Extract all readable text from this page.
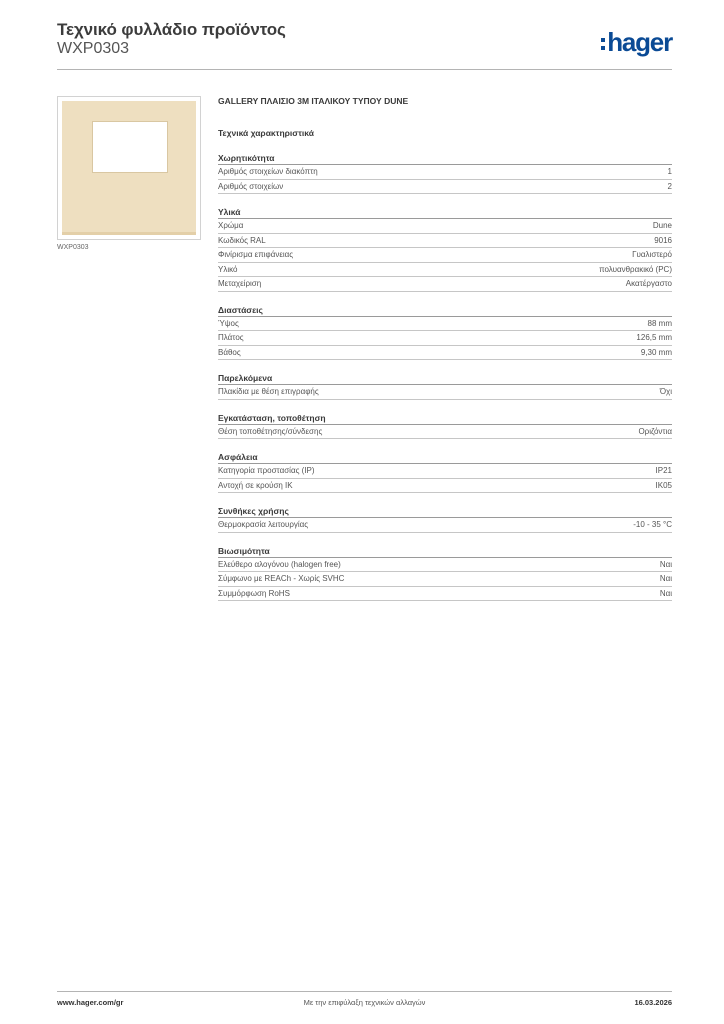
Τεχνικό φυλλάδιο προϊόντος
WXP0303	hager
WXP0303
GALLERY ΠΛΑΙΣΙΟ 3M ΙΤΑΛΙΚΟΥ ΤΥΠΟΥ DUNE
Τεχνικά χαρακτηριστικά
Χωρητικότητα
Αριθμός στοιχείων διακόπτη	1
Αριθμός στοιχείων	2
Υλικά
Χρώμα	Dune
Κωδικός RAL	9016
Φινίρισμα επιφάνειας	Γυαλιστερό
Υλικό	πολυανθρακικό (PC)
Μεταχείριση	Ακατέργαστο
Διαστάσεις
Ύψος	88 mm
Πλάτος	126,5 mm
Βάθος	9,30 mm
Παρελκόμενα
Πλακίδια με θέση επιγραφής	Όχι
Εγκατάσταση, τοποθέτηση
Θέση τοποθέτησης/σύνδεσης	Οριζόντια
Ασφάλεια
Κατηγορία προστασίας (IP)	IP21
Αντοχή σε κρούση IK	IK05
Συνθήκες χρήσης
Θερμοκρασία λειτουργίας	-10 - 35 °C
Βιωσιμότητα
Ελεύθερο αλογόνου (halogen free)	Ναι
Σύμφωνο με REACh - Χωρίς SVHC	Ναι
Συμμόρφωση RoHS	Ναι
Με την επιφύλαξη τεχνικών αλλαγών
www.hager.com/gr	16.03.2026
